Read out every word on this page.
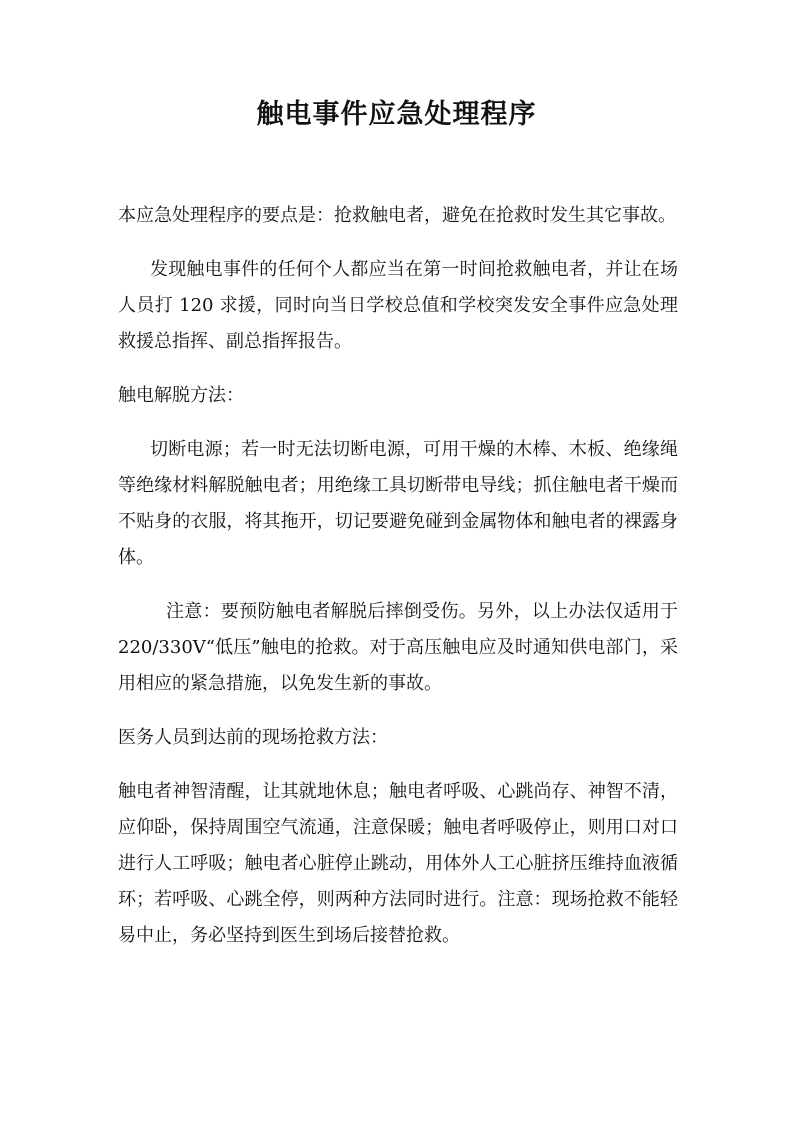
触电事件应急处理程序

本应急处理程序的要点是：抢救触电者，避免在抢救时发生其它事故。

发现触电事件的任何个人都应当在第一时间抢救触电者，并让在场人员打 120 求援，同时向当日学校总值和学校突发安全事件应急处理救援总指挥、副总指挥报告。

触电解脱方法：

切断电源；若一时无法切断电源，可用干燥的木棒、木板、绝缘绳等绝缘材料解脱触电者；用绝缘工具切断带电导线；抓住触电者干燥而不贴身的衣服，将其拖开，切记要避免碰到金属物体和触电者的裸露身体。

注意：要预防触电者解脱后摔倒受伤。另外，以上办法仅适用于 220/330V“低压”触电的抢救。对于高压触电应及时通知供电部门，采用相应的紧急措施，以免发生新的事故。

医务人员到达前的现场抢救方法：

触电者神智清醒，让其就地休息；触电者呼吸、心跳尚存、神智不清，应仰卧，保持周围空气流通，注意保暖；触电者呼吸停止，则用口对口进行人工呼吸；触电者心脏停止跳动，用体外人工心脏挤压维持血液循环；若呼吸、心跳全停，则两种方法同时进行。注意：现场抢救不能轻易中止，务必坚持到医生到场后接替抢救。
